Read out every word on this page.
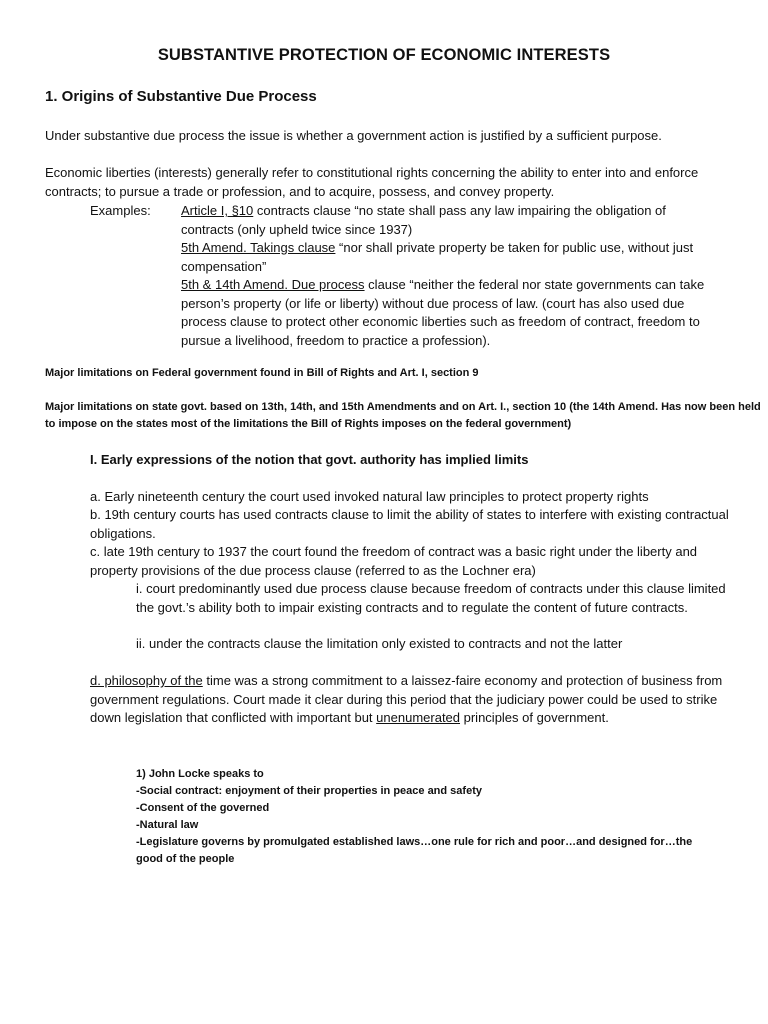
SUBSTANTIVE PROTECTION OF ECONOMIC INTERESTS
1. Origins of Substantive Due Process
Under substantive due process the issue is whether a government action is justified by a sufficient purpose.
Economic liberties (interests) generally refer to constitutional rights concerning the ability to enter into and enforce contracts; to pursue a trade or profession, and to acquire, possess, and convey property.
Examples: Article I, §10 contracts clause “no state shall pass any law impairing the obligation of contracts (only upheld twice since 1937)

5th Amend. Takings clause “nor shall private property be taken for public use, without just compensation”

5th & 14th Amend. Due process clause “neither the federal nor state governments can take person’s property (or life or liberty) without due process of law. (court has also used due process clause to protect other economic liberties such as freedom of contract, freedom to pursue a livelihood, freedom to practice a profession).

Major limitations on Federal government found in Bill of Rights and Art. I, section 9
Major limitations on state govt. based on 13th, 14th, and 15th Amendments and on Art. I., section 10 (the 14th Amend. Has now been held to impose on the states most of the limitations the Bill of Rights imposes on the federal government)
I. Early expressions of the notion that govt. authority has implied limits
a. Early nineteenth century the court used invoked natural law principles to protect property rights
b. 19th century courts has used contracts clause to limit the ability of states to interfere with existing contractual obligations.
c. late 19th century to 1937 the court found the freedom of contract was a basic right under the liberty and property provisions of the due process clause (referred to as the Lochner era)
i. court predominantly used due process clause because freedom of contracts under this clause limited the govt.’s ability both to impair existing contracts and to regulate the content of future contracts.
ii. under the contracts clause the limitation only existed to contracts and not the latter
d. philosophy of the time was a strong commitment to a laissez-faire economy and protection of business from government regulations. Court made it clear during this period that the judiciary power could be used to strike down legislation that conflicted with important but unenumerated principles of government.
1) John Locke speaks to
-Social contract: enjoyment of their properties in peace and safety
-Consent of the governed
-Natural law
-Legislature governs by promulgated established laws…one rule for rich and poor…and designed for…the
good of the people
